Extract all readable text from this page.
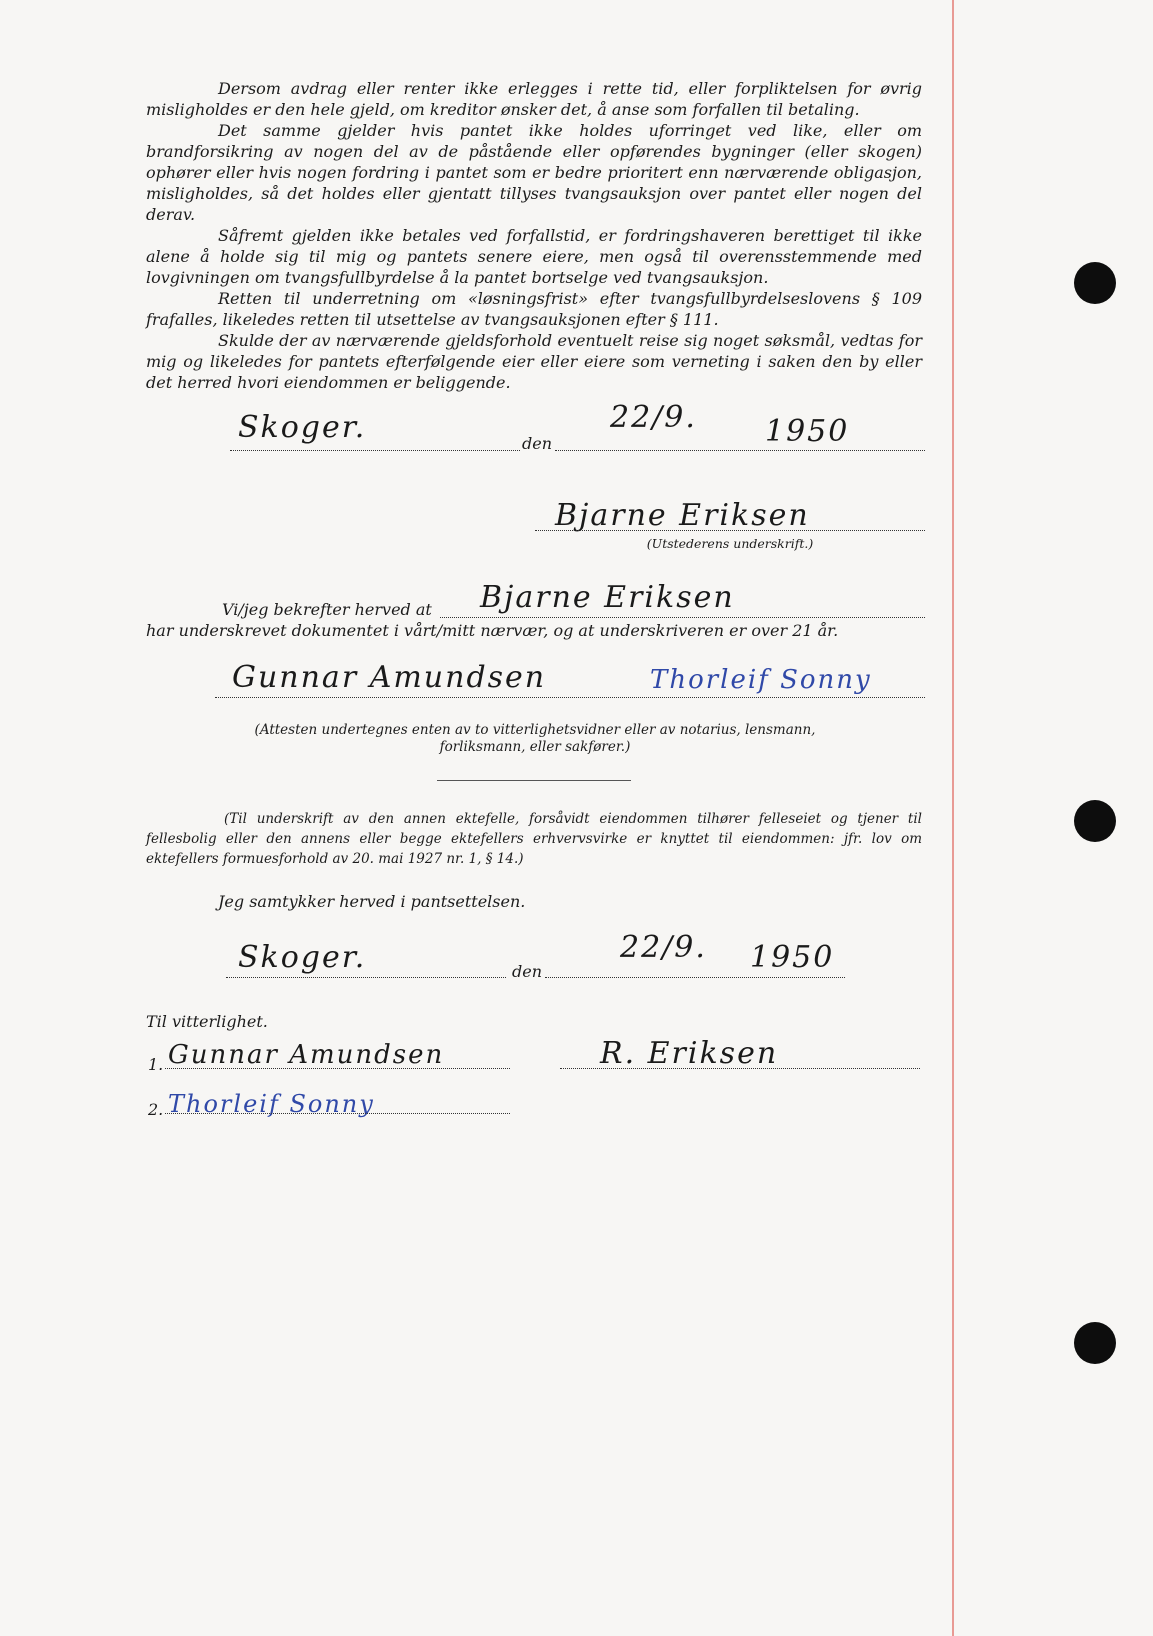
Dersom avdrag eller renter ikke erlegges i rette tid, eller forpliktelsen for øvrig misligholdes er den hele gjeld, om kreditor ønsker det, å anse som forfallen til betaling.

Det samme gjelder hvis pantet ikke holdes uforringet ved like, eller om brandforsikring av nogen del av de påstående eller opførendes bygninger (eller skogen) ophører eller hvis nogen fordring i pantet som er bedre prioritert enn nærværende obligasjon, misligholdes, så det holdes eller gjentatt tillyses tvangsauksjon over pantet eller nogen del derav.

Såfremt gjelden ikke betales ved forfallstid, er fordringshaveren berettiget til ikke alene å holde sig til mig og pantets senere eiere, men også til overensstemmende med lovgivningen om tvangsfullbyrdelse å la pantet bortselge ved tvangsauksjon.

Retten til underretning om «løsningsfrist» efter tvangsfullbyrdelseslovens § 109 frafalles, likeledes retten til utsettelse av tvangsauksjonen efter § 111.

Skulde der av nærværende gjeldsforhold eventuelt reise sig noget søksmål, vedtas for mig og likeledes for pantets efterfølgende eier eller eiere som verneting i saken den by eller det herred hvori eiendommen er beliggende.

Skoger.	den
22/9. 1950
Bjarne Eriksen
(Utstederens underskrift.)
Vi/jeg bekrefter herved at Bjarne Eriksen
har underskrevet dokumentet i vårt/mitt nærvær, og at underskriveren er over 21 år.
Gunnar Amundsen	Thorleif Sonny
(Attesten undertegnes enten av to vitterlighetsvidner eller av notarius, lensmann, forliksmann, eller sakfører.)

(Til underskrift av den annen ektefelle, forsåvidt eiendommen tilhører felleseiet og tjener til fellesbolig eller den annens eller begge ektefellers erhvervsvirke er knyttet til eiendommen: jfr. lov om ektefellers formuesforhold av 20. mai 1927 nr. 1, § 14.)

Jeg samtykker herved i pantsettelsen.
Skoger.	den
22/9. 1950
Til vitterlighet.
1. Gunnar Amundsen
2. Thorleif Sonny
R. Eriksen
